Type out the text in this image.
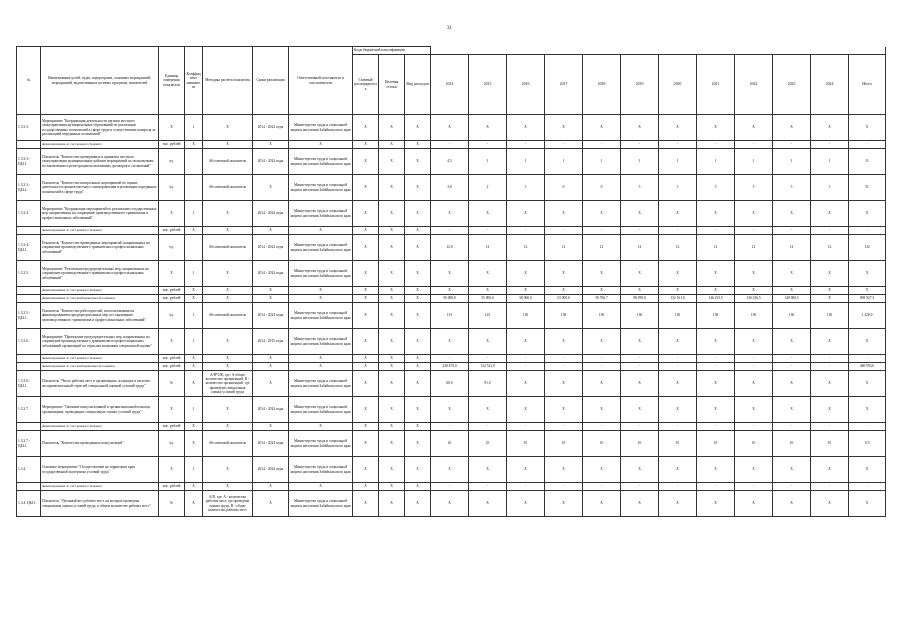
31
№	Наименование целей, задач, подпрограмм, основных мероприятий, мероприятий, ведомственных целевых программ, показателей	Единица измерения показателя	Коэффициент значимости	Методика расчета показателя	Сроки реализации	Ответственный исполнитель и соисполнители	Коды бюджетной классификации														
							Главный распорядитель	Целевая статья	Вид расходов	2014	2015	2016	2017	2018	2019	2020	2021	2022	2023	2024	Итого
1.3.3.3.	Мероприятие "Координация деятельности органов местного самоуправления муниципальных образований по реализации государственных полномочий в сфере труда и осуществление контроля за реализацией переданных полномочий"	X	1	X	2014 - 2024 годы	Министерство труда и социальной защиты населения Забайкальского края	X	X	X	X	X	X	X	X	X	X	X	X	X	X	X
	финансирование за счет краевого бюджета	тыс. рублей	X	X	X	X	X	X	X	-	-	-	-	-	-	-	-	-	-	-	-
1.3.3.3.-ЦЫ.1.	Показатель "Количество проверенных и принятых местного самоуправления муниципальных районов мероприятий по полномочиям по заключению и регистрации коллективных договоров и соглашений"	ед.		Абсолютный показатель	2014 - 2024 годы	Министерство труда и социальной защиты населения Забайкальского края	X	X	X	4,5	1	1	1	1	1	1	1	1	1	1	11
1.3.3.3.-ЦЫ.2.	Показатель "Количество контрольных мероприятий по оценке деятельности органов местного самоуправления в реализации переданных полномочий в сфере труда"	ед.		Абсолютный показатель	X	Министерство труда и социальной защиты населения Забайкальского края	X	X	X	3,0	2	5	6	6	5	5	5	5	5	5	51
1.3.3.4.	Мероприятие "Координация мероприятий по реализации государственных мер, направленных на сокращение производственного травматизма и профессиональных заболеваний"	X	1	X	2014 - 2024 годы	Министерство труда и социальной защиты населения Забайкальского края	X	X	X	X	X	X	X	X	X	X	X	X	X	X	X
	финансирование за счет краевого бюджета	тыс. рублей	X	X	X	X	X	X	X	-	-	-	-	-	-	-	-	-	-	-	-
1.3.3.4.-ЦЫ.1.	Показатель "Количество проведенных мероприятий, направленных на сокращение производственного травматизма и профессиональных заболеваний"	ед.		Абсолютный показатель	2014 - 2024 годы	Министерство труда и социальной защиты населения Забайкальского края	X	X	X	12,0	12	12	12	12	12	12	12	12	12	12	132
1.3.3.5.	Мероприятие "Реализация предупредительных мер, направленных на сокращение производственного травматизма и профессиональных заболеваний"	X	1	X	2014 - 2024 годы	Министерство труда и социальной защиты населения Забайкальского края	X	X	X	X	X	X	X	X	X	X	X	X	X	X	X
	финансирование за счет краевого бюджета	тыс. рублей	X	X	X	X	X	X	X	X	X	X	X	X	X	X	X	X	X	X	X
	финансирование за счет внебюджетных источников	тыс. рублей	X	X	X	X	X	X	X	50 000,0	55 000,0	58 000,0	53 000,0	59 760,7	98 839,0	132 161,0	146 233,5	136 236,5	140 000,5	X	969 927,3
1.3.3.5.-ЦЫ.1.	Показатель "Количество работодателей, воспользовавшихся финансированием предупредительных мер по сокращению производственного травматизма и профессиональных заболеваний"	ед.	1	Абсолютный показатель	2014 - 2024 годы	Министерство труда и социальной защиты населения Забайкальского края	X	X	X	115	125	130	130	130	130	130	130	130	130	130	1 420,0
1.3.3.6.	Мероприятие "Проведение предупредительных мер, направленных на сокращение производственного травматизма и профессиональных заболеваний организаций по отраслям экономики специальной оценки"	X	1	X	2014 - 2015 годы	Министерство труда и социальной защиты населения Забайкальского края	X	X	X	X	X	X	X	X	X	X	X	X	X	X	X
	финансирование за счет краевого бюджета	тыс. рублей	X	X	X	X	X	X	X	-	-	-	-	-	-	-	-	-	-	-	-
	финансирование за счет внебюджетных источников	тыс. рублей	X	X	X	X	X	X	X	328 470,0	132 523,0	-	-	-	-	-	-	-	-	-	460 993,0
1.3.3.6.-ЦЫ.1.	Показатель "Число рабочих мест в организациях, входящих в пилотно-экспериментальный отраслей специальной оценкой условий труда"	%	X	А/В*100, где: А-общее количество организаций, В - количество организаций, где проведена специальная оценка условий труда	X	Министерство труда и социальной защиты населения Забайкальского края	X	X	X	60,0	91,0	X	X	X	X	X	X	X	X	X	X
1.3.3.7.	Мероприятие "Оказание консультативной и организационной помощи организациям, проводящим специальную оценку условий труда"	X	1	X	2014 - 2024 годы	Министерство труда и социальной защиты населения Забайкальского края	X	X	X	X	X	X	X	X	X	X	X	X	X	X	X
	финансирование за счет краевого бюджета	тыс. рублей	X	X	X	X	X	X	X	-	-	-	-	-	-	-	-	-	-	-	-
1.3.3.7.-ЦЫ.1.	Показатель "Количество проведенных консультаций"	ед.	X	Абсолютный показатель	2014 - 2024 годы	Министерство труда и социальной защиты населения Забайкальского края	X	X	X	16	25	10	10	10	10	10	10	10	10	10	115
1.3.4.	Основное мероприятие "Осуществление на территории края государственной экспертизы условий труда"	X	1	X	2014 - 2024 годы	Министерство труда и социальной защиты населения Забайкальского края	X	X	X	X	X	X	X	X	X	X	X	X	X	X	X
	финансирование за счет краевого бюджета	тыс. рублей	X	X	X	X	X	X	X	-	-	-	-	-	-	-	-	-	-	-	-
1.3.4.-ЦЫ.1.	Показатель "Удельный вес рабочих мест, на которых проведена специальная оценка условий труда, в общем количестве рабочих мест"	%	X	А/В, где: А - количество рабочих мест, где проведена оценка труда, В - общее количество рабочих мест	X	Министерство труда и социальной защиты населения Забайкальского края	X	X	X	X	X	X	X	X	X	X	X	X	X	X	X
